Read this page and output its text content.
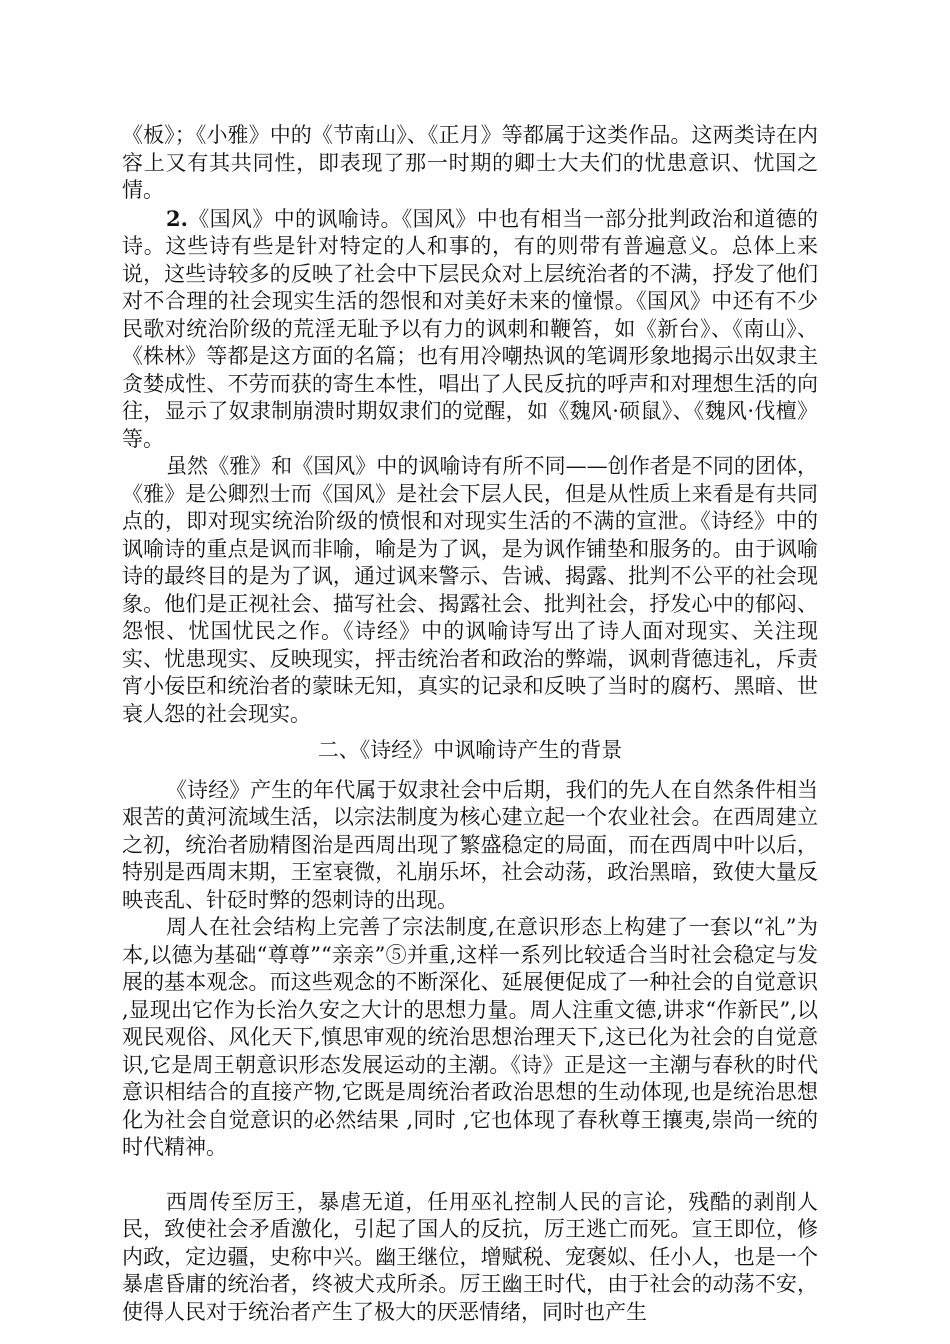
《板》；《小雅》中的《节南山》、《正月》等都属于这类作品。这两类诗在内容上又有其共同性，即表现了那一时期的卿士大夫们的忧患意识、忧国之情。

2.《国风》中的讽喻诗。《国风》中也有相当一部分批判政治和道德的诗。这些诗有些是针对特定的人和事的，有的则带有普遍意义。总体上来说，这些诗较多的反映了社会中下层民众对上层统治者的不满，抒发了他们对不合理的社会现实生活的怨恨和对美好未来的憧憬。《国风》中还有不少民歌对统治阶级的荒淫无耻予以有力的讽刺和鞭笞，如《新台》、《南山》、《株林》等都是这方面的名篇；也有用冷嘲热讽的笔调形象地揭示出奴隶主贪婪成性、不劳而获的寄生本性，唱出了人民反抗的呼声和对理想生活的向往，显示了奴隶制崩溃时期奴隶们的觉醒，如《魏风·硕鼠》、《魏风·伐檀》等。

虽然《雅》和《国风》中的讽喻诗有所不同——创作者是不同的团体，《雅》是公卿烈士而《国风》是社会下层人民，但是从性质上来看是有共同点的，即对现实统治阶级的愤恨和对现实生活的不满的宣泄。《诗经》中的讽喻诗的重点是讽而非喻，喻是为了讽，是为讽作铺垫和服务的。由于讽喻诗的最终目的是为了讽，通过讽来警示、告诫、揭露、批判不公平的社会现象。他们是正视社会、描写社会、揭露社会、批判社会，抒发心中的郁闷、怨恨、忧国忧民之作。《诗经》中的讽喻诗写出了诗人面对现实、关注现实、忧患现实、反映现实，抨击统治者和政治的弊端，讽刺背德违礼，斥责宵小佞臣和统治者的蒙昧无知，真实的记录和反映了当时的腐朽、黑暗、世衰人怨的社会现实。

二、《诗经》中讽喻诗产生的背景

《诗经》产生的年代属于奴隶社会中后期，我们的先人在自然条件相当艰苦的黄河流域生活，以宗法制度为核心建立起一个农业社会。在西周建立之初，统治者励精图治是西周出现了繁盛稳定的局面，而在西周中叶以后，特别是西周末期，王室衰微，礼崩乐坏，社会动荡，政治黑暗，致使大量反映丧乱、针砭时弊的怨刺诗的出现。

周人在社会结构上完善了宗法制度,在意识形态上构建了一套以“礼”为本,以德为基础“尊尊”“亲亲”⑤并重,这样一系列比较适合当时社会稳定与发展的基本观念。而这些观念的不断深化、延展便促成了一种社会的自觉意识 ,显现出它作为长治久安之大计的思想力量。周人注重文德,讲求“作新民”,以观民观俗、风化天下,慎思审观的统治思想治理天下,这已化为社会的自觉意识,它是周王朝意识形态发展运动的主潮。《诗》正是这一主潮与春秋的时代意识相结合的直接产物,它既是周统治者政治思想的生动体现,也是统治思想化为社会自觉意识的必然结果 ,同时 ,它也体现了春秋尊王攘夷,崇尚一统的时代精神。

西周传至厉王，暴虐无道，任用巫礼控制人民的言论，残酷的剥削人民，致使社会矛盾激化，引起了国人的反抗，厉王逃亡而死。宣王即位，修内政，定边疆，史称中兴。幽王继位，增赋税、宠褒姒、任小人，也是一个暴虐昏庸的统治者，终被犬戎所杀。厉王幽王时代，由于社会的动荡不安，使得人民对于统治者产生了极大的厌恶情绪，同时也产生
